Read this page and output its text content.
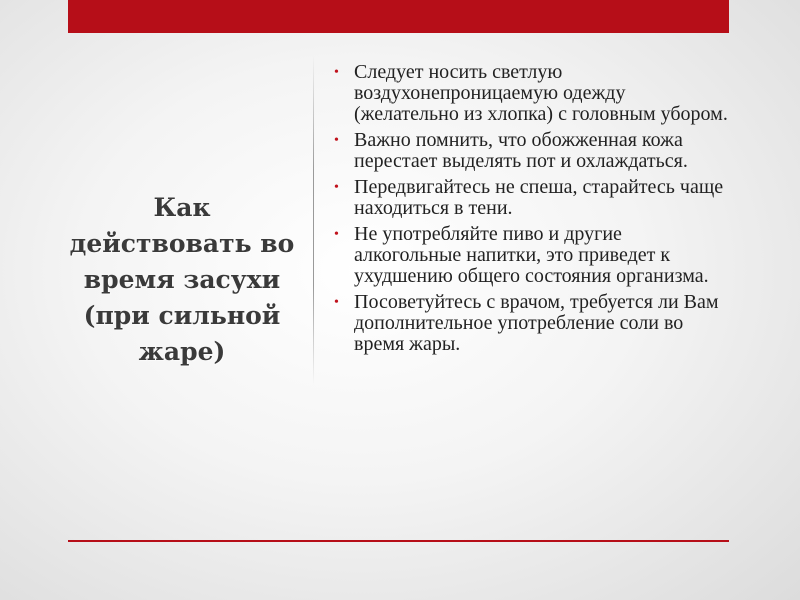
Как действовать во время засухи (при сильной жаре)
• Следует носить светлую воздухонепроницаемую одежду (желательно из хлопка) с головным убором.
• Важно помнить, что обожженная кожа перестает выделять пот и охлаждаться.
• Передвигайтесь не спеша, старайтесь чаще находиться в тени.
• Не употребляйте пиво и другие алкогольные напитки, это приведет к ухудшению общего состояния организма.
• Посоветуйтесь с врачом, требуется ли Вам дополнительное употребление соли во время жары.
